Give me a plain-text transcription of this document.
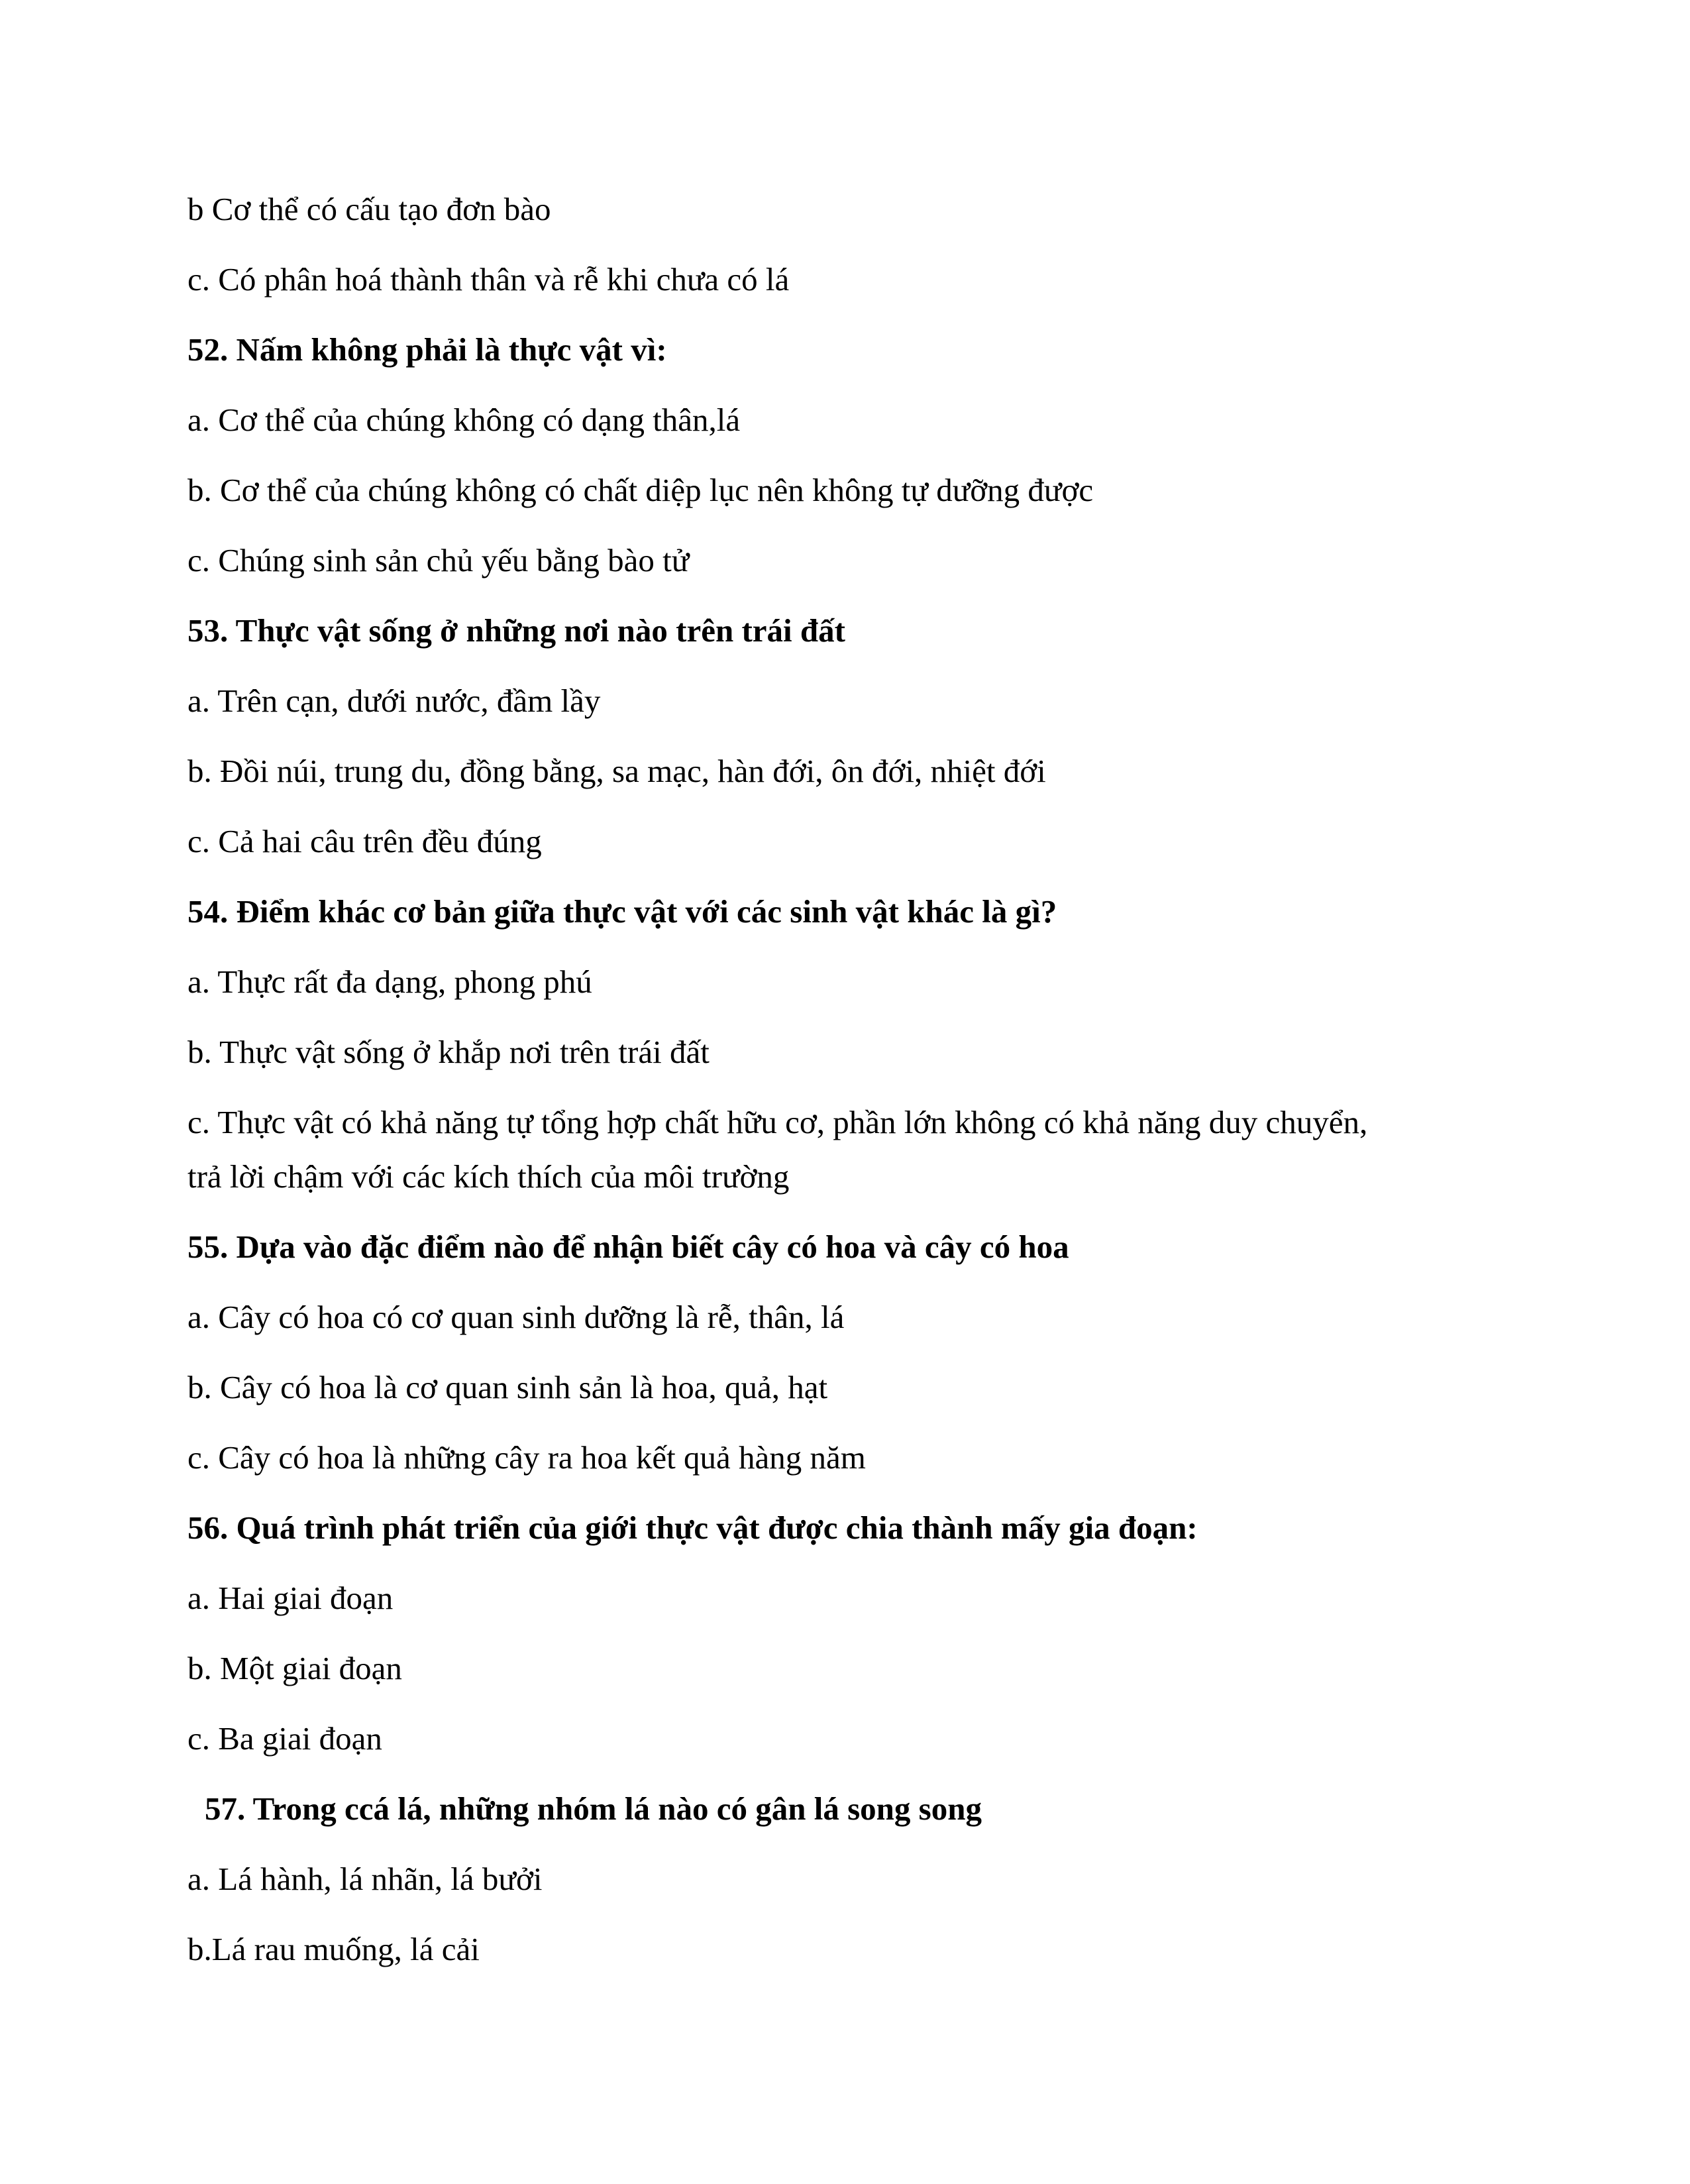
b Cơ thể có cấu tạo đơn bào
c. Có phân hoá thành thân và rễ khi chưa có lá
52. Nấm không phải là thực vật vì:
a. Cơ thể của chúng không có dạng thân,lá
b. Cơ thể của chúng không có chất diệp lục nên không tự dưỡng được
c. Chúng sinh sản chủ yếu bằng bào tử
53. Thực vật sống ở những nơi nào trên trái đất
a. Trên cạn, dưới nước, đầm lầy
b. Đồi núi, trung du, đồng bằng, sa mạc, hàn đới, ôn đới, nhiệt đới
c. Cả hai câu trên đều đúng
54. Điểm khác cơ bản giữa thực vật với các sinh vật khác là gì?
a. Thực rất đa dạng, phong phú
b. Thực vật sống ở khắp nơi trên trái đất
c. Thực vật có khả năng tự tổng hợp chất hữu cơ, phần lớn không có khả năng duy chuyển,
trả lời chậm với các kích thích của môi trường
55. Dựa vào đặc điểm nào để nhận biết cây có hoa và cây có hoa
a. Cây có hoa có cơ quan sinh dưỡng là rễ, thân, lá
b. Cây có hoa là cơ quan sinh sản là hoa, quả, hạt
c. Cây có hoa là những cây ra hoa kết quả hàng năm
56. Quá trình phát triển của giới thực vật được chia thành mấy gia đoạn:
a. Hai giai đoạn
b. Một giai đoạn
c. Ba giai đoạn
57. Trong ccá lá, những nhóm lá nào có gân lá song song
a. Lá hành, lá nhãn, lá bưởi
b.Lá rau muống, lá cải
